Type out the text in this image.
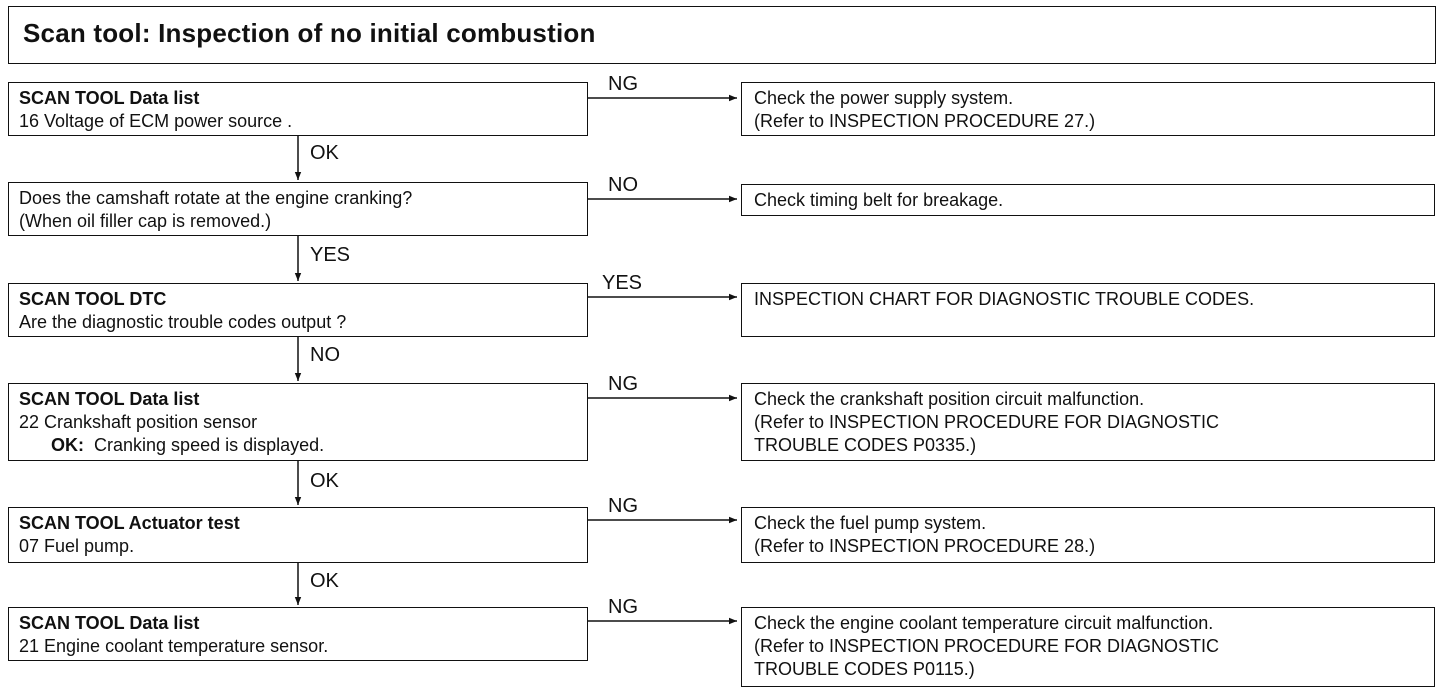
Scan tool: Inspection of no initial combustion
NG
NO
YES
NG
NG
NG
OK
YES
NO
OK
OK
SCAN TOOL Data list
16 Voltage of ECM power source .
Check the power supply system.
(Refer to INSPECTION PROCEDURE 27.)
Does the camshaft rotate at the engine cranking?
(When oil filler cap is removed.)
Check timing belt for breakage.
SCAN TOOL DTC
Are the diagnostic trouble codes output ?
INSPECTION CHART FOR DIAGNOSTIC TROUBLE CODES.
SCAN TOOL Data list
22 Crankshaft position sensor
OK: Cranking speed is displayed.
Check the crankshaft position circuit malfunction.
(Refer to INSPECTION PROCEDURE FOR DIAGNOSTIC
TROUBLE CODES P0335.)
SCAN TOOL Actuator test
07 Fuel pump.
Check the fuel pump system.
(Refer to INSPECTION PROCEDURE 28.)
SCAN TOOL Data list
21 Engine coolant temperature sensor.
Check the engine coolant temperature circuit malfunction.
(Refer to INSPECTION PROCEDURE FOR DIAGNOSTIC
TROUBLE CODES P0115.)
